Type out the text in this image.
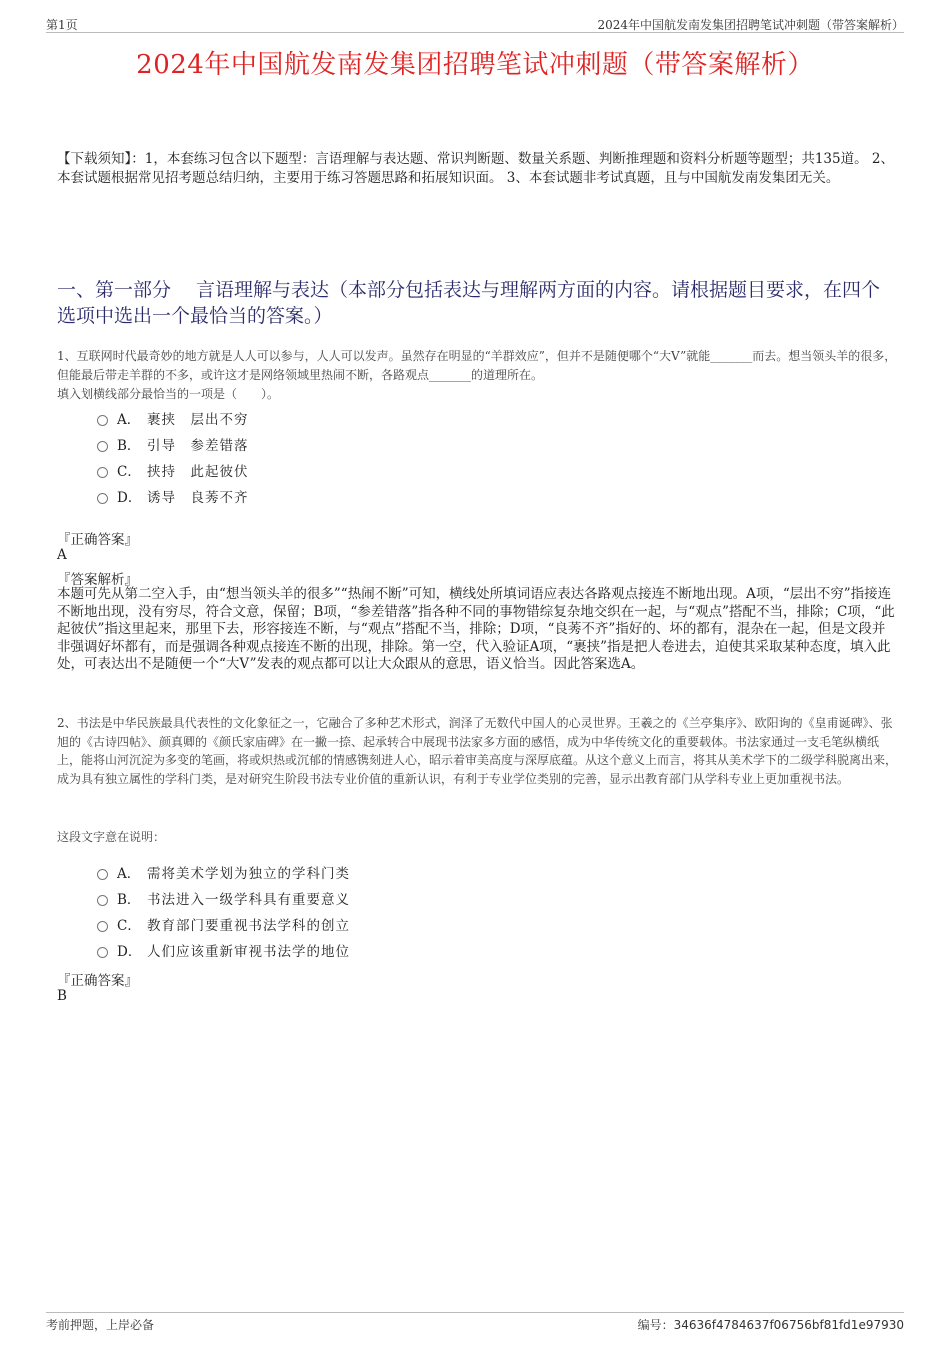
第1页	2024年中国航发南发集团招聘笔试冲刺题（带答案解析）
2024年中国航发南发集团招聘笔试冲刺题（带答案解析）
【下载须知】：1，本套练习包含以下题型：言语理解与表达题、常识判断题、数量关系题、判断推理题和资料分析题等题型；共135道。 2、本套试题根据常见招考题总结归纳，主要用于练习答题思路和拓展知识面。 3、本套试题非考试真题，且与中国航发南发集团无关。
一、第一部分　 言语理解与表达（本部分包括表达与理解两方面的内容。请根据题目要求，在四个选项中选出一个最恰当的答案。）
1、互联网时代最奇妙的地方就是人人可以参与，人人可以发声。虽然存在明显的“羊群效应”，但并不是随便哪个“大V”就能_______而去。想当领头羊的很多，但能最后带走羊群的不多，或许这才是网络领域里热闹不断，各路观点_______的道理所在。
填入划横线部分最恰当的一项是（　　）。
A． 裹挟　层出不穷
B． 引导　参差错落
C． 挟持　此起彼伏
D． 诱导　良莠不齐
『正确答案』
A
『答案解析』
本题可先从第二空入手，由“想当领头羊的很多”“热闹不断”可知，横线处所填词语应表达各路观点接连不断地出现。A项，“层出不穷”指接连不断地出现，没有穷尽，符合文意，保留；B项，“参差错落”指各种不同的事物错综复杂地交织在一起，与“观点”搭配不当，排除；C项，“此起彼伏”指这里起来，那里下去，形容接连不断，与“观点”搭配不当，排除；D项，“良莠不齐”指好的、坏的都有，混杂在一起，但是文段并非强调好坏都有，而是强调各种观点接连不断的出现，排除。第一空，代入验证A项，“裹挟”指是把人卷进去，迫使其采取某种态度，填入此处，可表达出不是随便一个“大V”发表的观点都可以让大众跟从的意思，语义恰当。因此答案选A。
2、书法是中华民族最具代表性的文化象征之一，它融合了多种艺术形式，润泽了无数代中国人的心灵世界。王羲之的《兰亭集序》、欧阳询的《皇甫诞碑》、张旭的《古诗四帖》、颜真卿的《颜氏家庙碑》在一撇一捺、起承转合中展现书法家多方面的感悟，成为中华传统文化的重要载体。书法家通过一支毛笔纵横纸上，能将山河沉淀为多变的笔画，将或炽热或沉郁的情感镌刻进人心，昭示着审美高度与深厚底蕴。从这个意义上而言，将其从美术学下的二级学科脱离出来，成为具有独立属性的学科门类，是对研究生阶段书法专业价值的重新认识，有利于专业学位类别的完善，显示出教育部门从学科专业上更加重视书法。
这段文字意在说明：
A． 需将美术学划为独立的学科门类
B． 书法进入一级学科具有重要意义
C． 教育部门要重视书法学科的创立
D． 人们应该重新审视书法学的地位
『正确答案』
B
考前押题，上岸必备	编号：34636f4784637f06756bf81fd1e97930
